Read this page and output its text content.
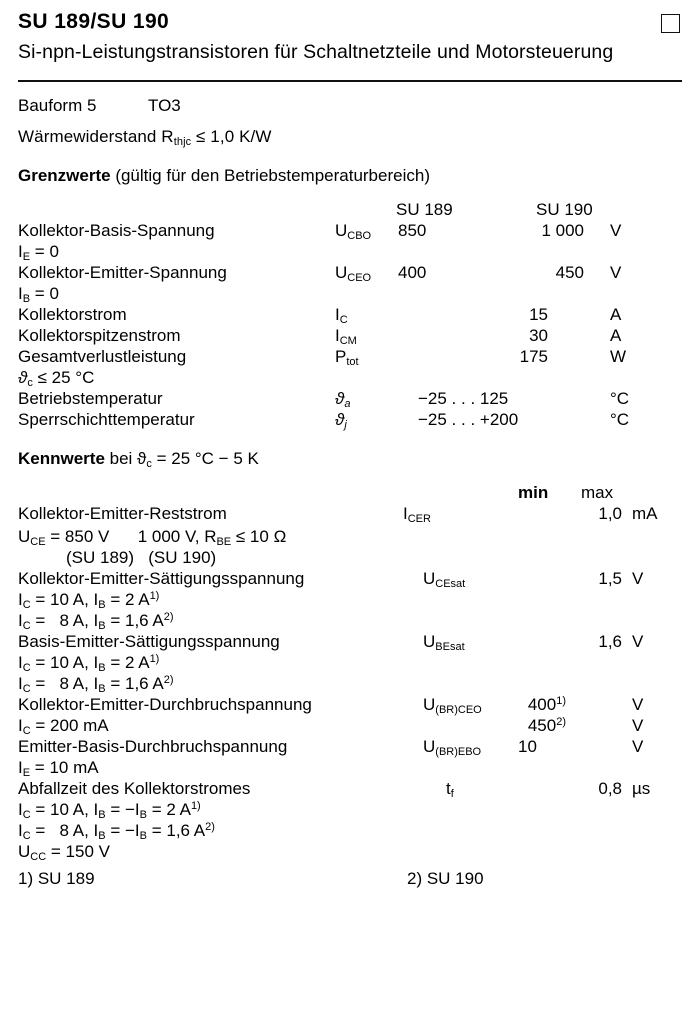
SU 189/SU 190
Si-npn-Leistungstransistoren für Schaltnetzteile und Motorsteuerung
Bauform 5	TO3
Wärmewiderstand $R_{thjc} \le 1,0$ K/W
Grenzwerte (gültig für den Betriebstemperaturbereich)
SU 189	SU 190
Kollektor-Basis-Spannung	$U_{CBO}$ 850	1 000 V
$I_E = 0$
Kollektor-Emitter-Spannung	$U_{CEO}$ 400	450 V
$I_B = 0$
Kollektorstrom	$I_C$	15	A
Kollektorspitzenstrom	$I_{CM}$	30	A
Gesamtverlustleistung	$P_{tot}$	175	W
$ϑ_c \le 25$ °C
Betriebstemperatur	$ϑ_a$	−25 . . . 125	°C
Sperrschichttemperatur	$ϑ_j$	−25 . . . +200	°C
Kennwerte bei $ϑ_c = 25$ °C − 5 K
min max
Kollektor-Emitter-Reststrom	$I_{CER}$	1,0 mA
$U_{CE} = 850$ V      1 000 V, $R_{BE} \le 10$ Ω
(SU 189)   (SU 190)
Kollektor-Emitter-Sättigungsspannung	$U_{CEsat}$	1,5 V
$I_C = 10$ A, $I_B = 2$ $A^{1)}$
$I_C = 8$ A, $I_B = 1,6$ $A^{2)}$
Basis-Emitter-Sättigungsspannung	$U_{BEsat}$	1,6 V
$I_C = 10$ A, $I_B = 2$ $A^{1)}$
$I_C = 8$ A, $I_B = 1,6$ $A^{2)}$
Kollektor-Emitter-Durchbruchspannung	$U_{(BR)CEO}$	400$^{1)}$	V
$I_C = 200$ mA	450$^{2)}$	V
Emitter-Basis-Durchbruchspannung	$U_{(BR)EBO}$ 10	V
$I_E = 10$ mA
Abfallzeit des Kollektorstromes	$t_f$	0,8 µs
$I_C = 10$ A, $I_B = -I_B = 2$ $A^{1)}$
$I_C = 8$ A, $I_B = -I_B = 1,6$ $A^{2)}$
$U_{CC} = 150$ V
1) SU 189	2) SU 190
